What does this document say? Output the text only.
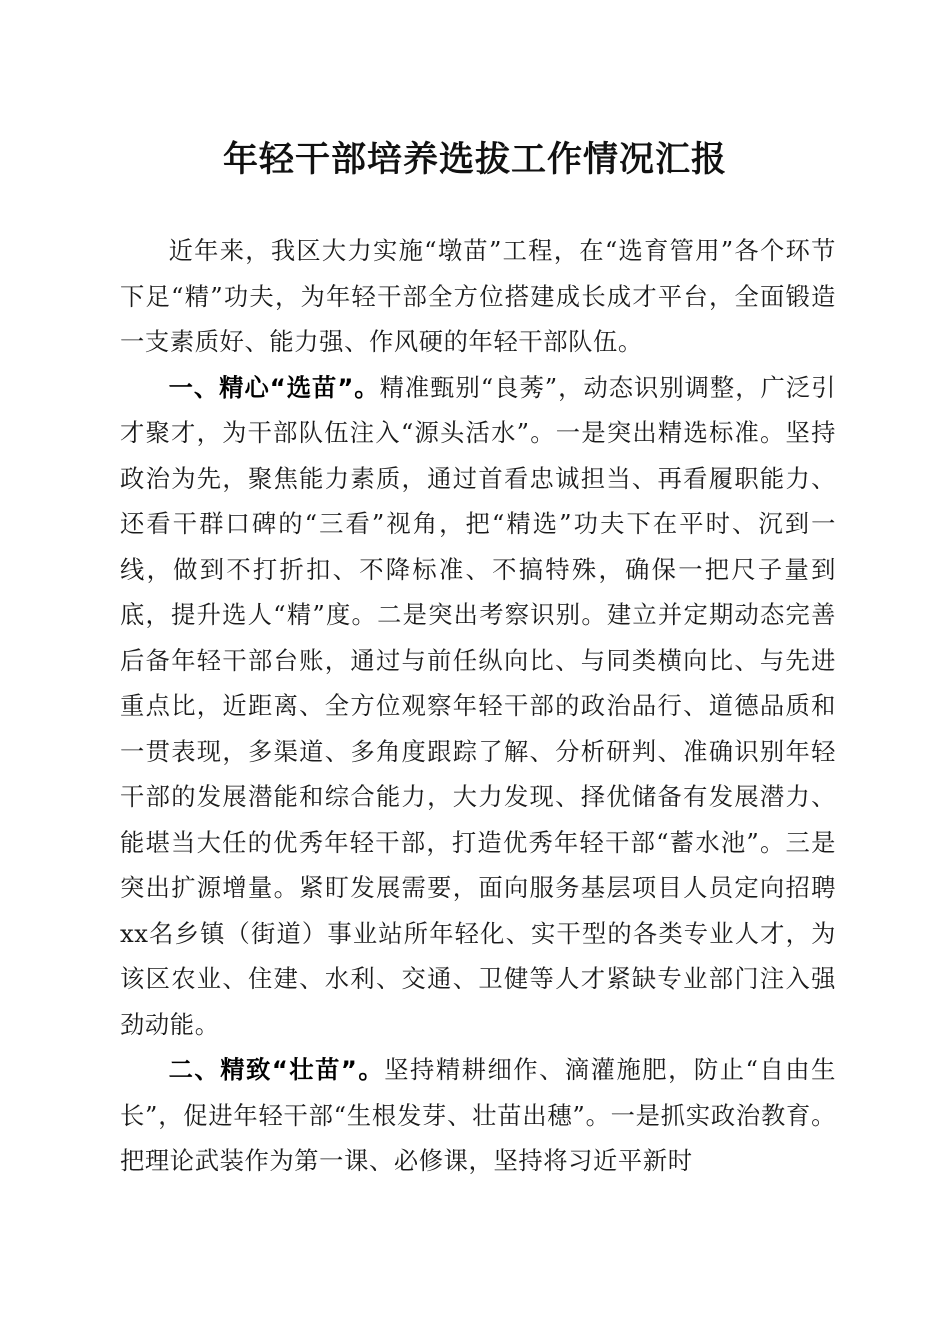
年轻干部培养选拔工作情况汇报

近年来，我区大力实施“墩苗”工程，在“选育管用”各个环节下足“精”功夫，为年轻干部全方位搭建成长成才平台，全面锻造一支素质好、能力强、作风硬的年轻干部队伍。

一、精心“选苗”。精准甄别“良莠”，动态识别调整，广泛引才聚才，为干部队伍注入“源头活水”。一是突出精选标准。坚持政治为先，聚焦能力素质，通过首看忠诚担当、再看履职能力、还看干群口碑的“三看”视角，把“精选”功夫下在平时、沉到一线，做到不打折扣、不降标准、不搞特殊，确保一把尺子量到底，提升选人“精”度。二是突出考察识别。建立并定期动态完善后备年轻干部台账，通过与前任纵向比、与同类横向比、与先进重点比，近距离、全方位观察年轻干部的政治品行、道德品质和一贯表现，多渠道、多角度跟踪了解、分析研判、准确识别年轻干部的发展潜能和综合能力，大力发现、择优储备有发展潜力、能堪当大任的优秀年轻干部，打造优秀年轻干部“蓄水池”。三是突出扩源增量。紧盯发展需要，面向服务基层项目人员定向招聘xx名乡镇（街道）事业站所年轻化、实干型的各类专业人才，为该区农业、住建、水利、交通、卫健等人才紧缺专业部门注入强劲动能。

二、精致“壮苗”。坚持精耕细作、滴灌施肥，防止“自由生长”，促进年轻干部“生根发芽、壮苗出穗”。一是抓实政治教育。把理论武装作为第一课、必修课，坚持将习近平新时
